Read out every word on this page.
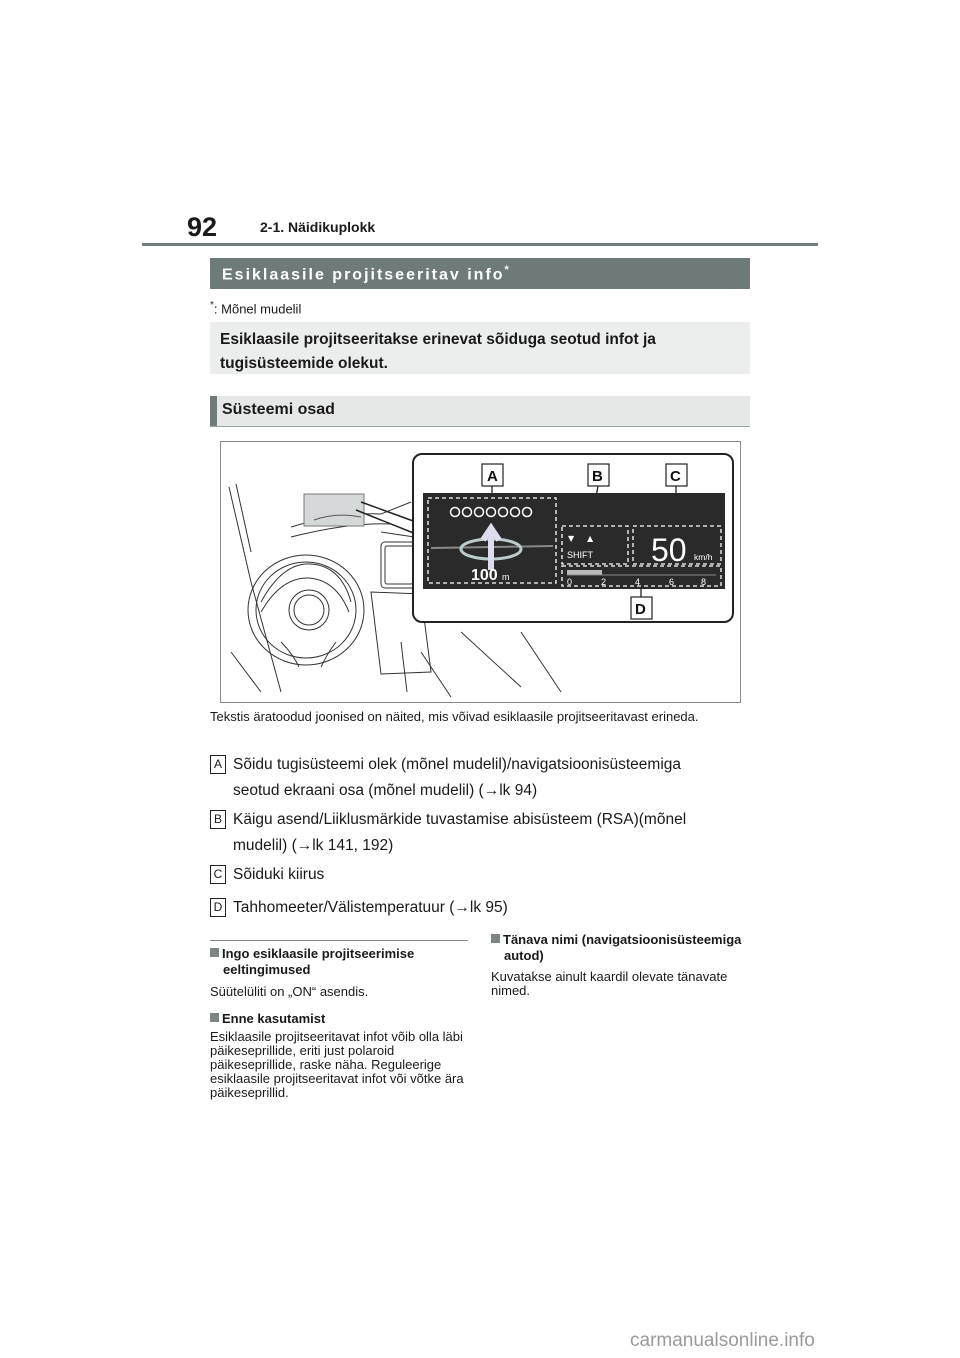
92	2-1. Näidikuplokk
Esiklaasile projitseeritav info*
*: Mõnel mudelil
Esiklaasile projitseeritakse erinevat sõiduga seotud infot ja tugisüsteemide olekut.
Süsteemi osad
A	B	C
D
100 m
▼ ▲
SHIFT 50 km/h
0	2	4	6	8
Tekstis äratoodud joonised on näited, mis võivad esiklaasile projitseeritavast erineda.
A Sõidu tugisüsteemi olek (mõnel mudelil)/navigatsioonisüsteemiga
seotud ekraani osa (mõnel mudelil) (→lk 94)
B Käigu asend/Liiklusmärkide tuvastamise abisüsteem (RSA)(mõnel
mudelil) (→lk 141, 192)
C Sõiduki kiirus
D Tahhomeeter/Välistemperatuur (→lk 95)
Ingo esiklaasile projitseerimise eeltingimused
Süütelüliti on „ON“ asendis.
Enne kasutamist
Esiklaasile projitseeritavat infot võib olla läbi päikeseprillide, eriti just polaroid päikeseprillide, raske näha. Reguleerige esiklaasile projitseeritavat infot või võtke ära päikeseprillid.
Tänava nimi (navigatsioonisüsteemiga autod)
Kuvatakse ainult kaardil olevate tänavate nimed.
carmanualsonline.info
